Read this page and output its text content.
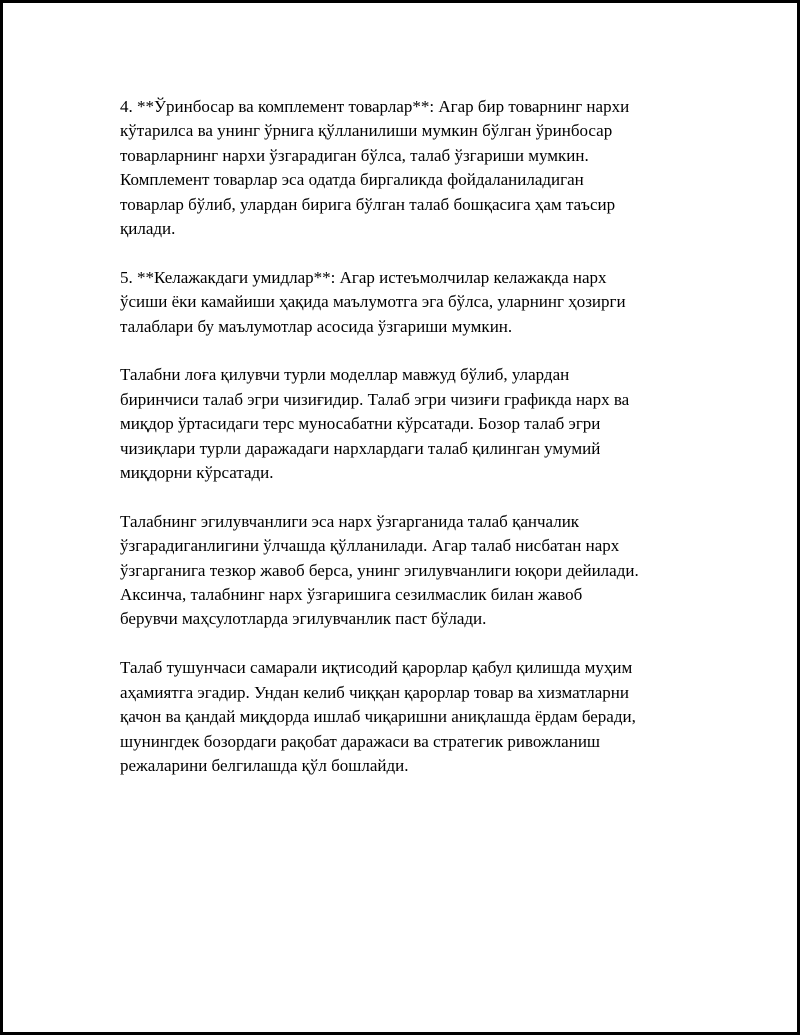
4. **Ўринбосар ва комплемент товарлар**: Агар бир товарнинг нархи
кўтарилса ва унинг ўрнига қўлланилиши мумкин бўлган ўринбосар
товарларнинг нархи ўзгарадиган бўлса, талаб ўзгариши мумкин.
Комплемент товарлар эса одатда биргаликда фойдаланиладиган
товарлар бўлиб, улардан бирига бўлган талаб бошқасига ҳам таъсир
қилади.

5. **Келажакдаги умидлар**: Агар истеъмолчилар келажакда нарх
ўсиши ёки камайиши ҳақида маълумотга эга бўлса, уларнинг ҳозирги
талаблари бу маълумотлар асосида ўзгариши мумкин.

Талабни лоға қилувчи турли моделлар мавжуд бўлиб, улардан
биринчиси талаб эгри чизиғидир. Талаб эгри чизиғи графикда нарх ва
миқдор ўртасидаги терс муносабатни кўрсатади. Бозор талаб эгри
чизиқлари турли даражадаги нархлардаги талаб қилинган умумий
миқдорни кўрсатади.

Талабнинг эгилувчанлиги эса нарх ўзгарганида талаб қанчалик
ўзгарадиганлигини ўлчашда қўлланилади. Агар талаб нисбатан нарх
ўзгарганига тезкор жавоб берса, унинг эгилувчанлиги юқори дейилади.
Аксинча, талабнинг нарх ўзгаришига сезилмаслик билан жавоб
берувчи маҳсулотларда эгилувчанлик паст бўлади.

Талаб тушунчаси самарали иқтисодий қарорлар қабул қилишда муҳим
аҳамиятга эгадир. Ундан келиб чиққан қарорлар товар ва хизматларни
қачон ва қандай миқдорда ишлаб чиқаришни аниқлашда ёрдам беради,
шунингдек бозордаги рақобат даражаси ва стратегик ривожланиш
режаларини белгилашда қўл бошлайди.
